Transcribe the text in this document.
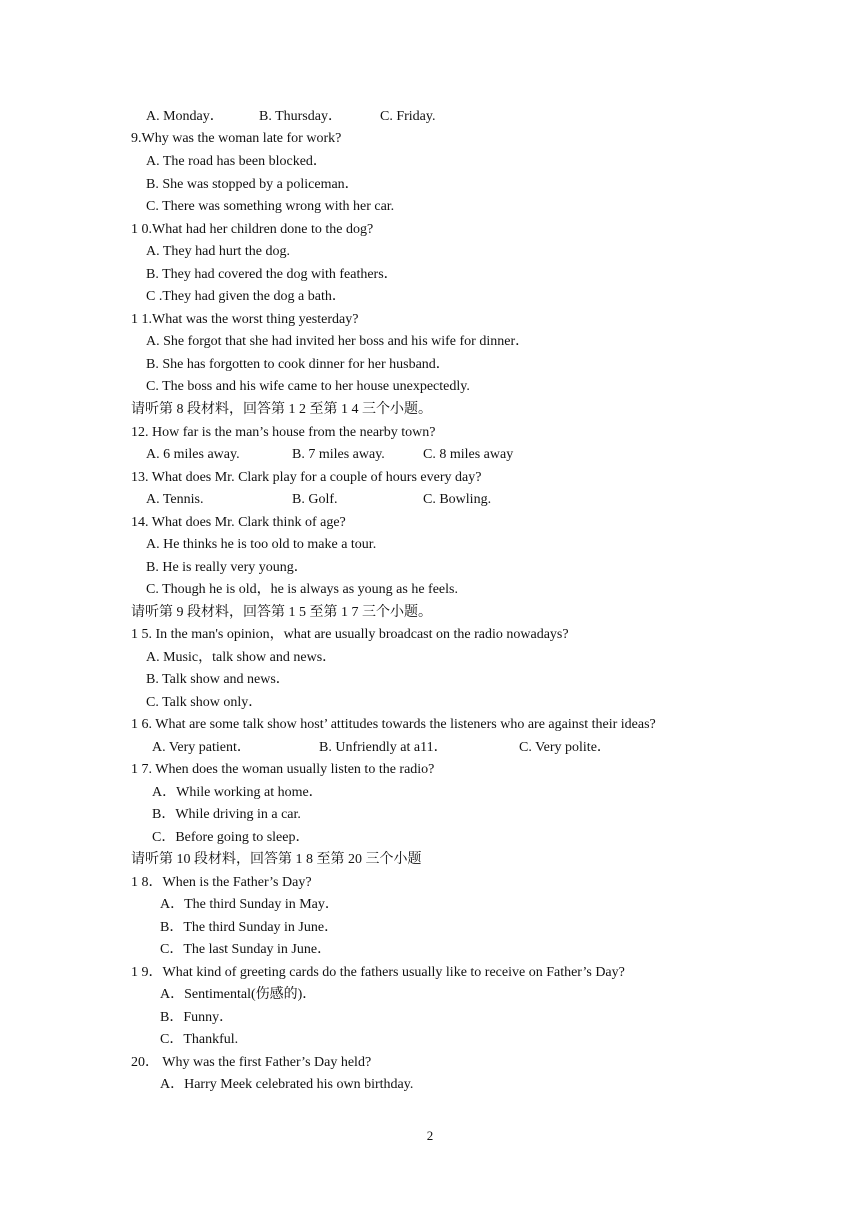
A. Monday．	B. Thursday．	C. Friday.
9.Why was the woman late for work?
A. The road has been blocked．
B. She was stopped by a policeman．
C. There was something wrong with her car.
1 0.What had her children done to the dog?
A. They had hurt the dog.
B. They had covered the dog with feathers．
C .They had given the dog a bath．
1 1.What was the worst thing yesterday?
A. She forgot that she had invited her boss and his wife for dinner．
B. She has forgotten to cook dinner for her husband．
C. The boss and his wife came to her house unexpectedly.
请听第 8 段材料，回答第 1 2 至第 1 4 三个小题。
12. How far is the man’s house from the nearby town?
A. 6 miles away.	B. 7 miles away.	C. 8 miles away
13. What does Mr. Clark play for a couple of hours every day?
A. Tennis.	B. Golf.	C. Bowling.
14. What does Mr. Clark think of age?
A. He thinks he is too old to make a tour.
B. He is really very young．
C. Though he is old，he is always as young as he feels.
请听第 9 段材料，回答第 1 5 至第 1 7 三个小题。
1 5. In the man's opinion，what are usually broadcast on the radio nowadays?
A. Music，talk show and news．
B. Talk show and news．
C. Talk show only．
1 6. What are some talk show host’ attitudes towards the listeners who are against their ideas?
A. Very patient．	B. Unfriendly at a11．	C. Very polite．
1 7. When does the woman usually listen to the radio?
A．While working at home．
B．While driving in a car.
C．Before going to sleep．
请听第 10 段材料，回答第 1 8 至第 20 三个小题
1 8．When is the Father’s Day?
A．The third Sunday in May．
B．The third Sunday in June．
C．The last Sunday in June．
1 9．What kind of greeting cards do the fathers usually like to receive on Father’s Day?
A．Sentimental(伤感的)．
B．Funny．
C．Thankful.
20． Why was the first Father’s Day held?
A．Harry Meek celebrated his own birthday.
2
